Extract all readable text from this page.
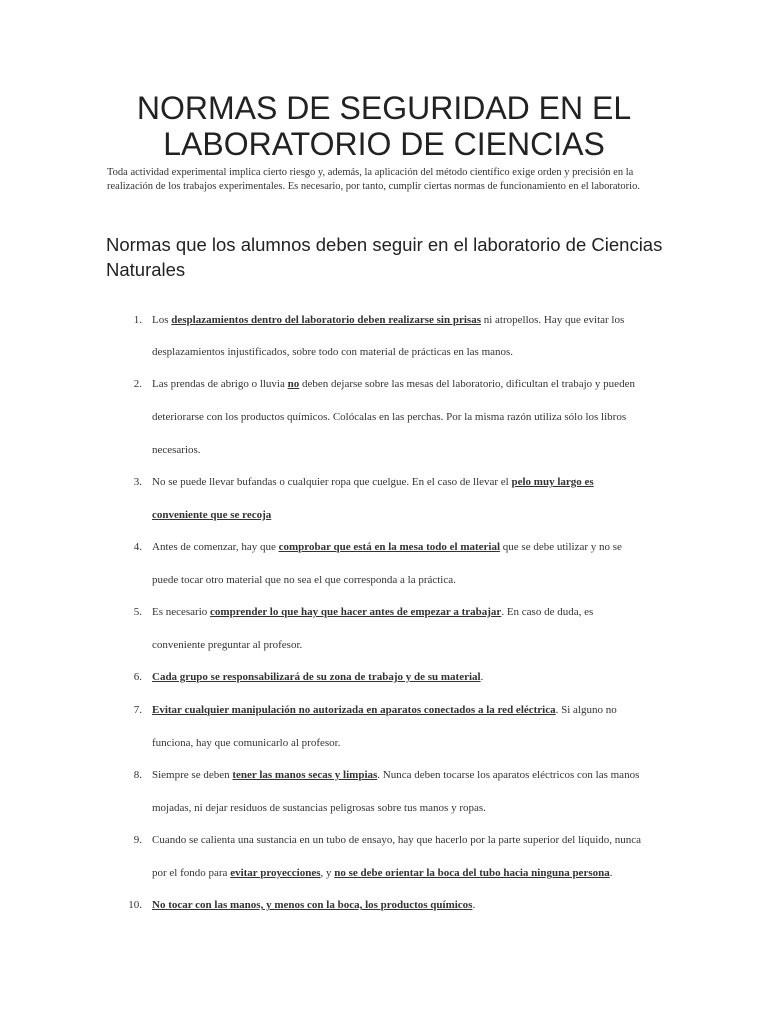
NORMAS DE SEGURIDAD EN EL
LABORATORIO DE CIENCIAS

Toda actividad experimental implica cierto riesgo y, además, la aplicación del método científico exige orden y precisión en la realización de los trabajos experimentales. Es necesario, por tanto, cumplir ciertas normas de funcionamiento en el laboratorio.

Normas que los alumnos deben seguir en el laboratorio de Ciencias Naturales
1. Los desplazamientos dentro del laboratorio deben realizarse sin prisas ni atropellos. Hay que evitar los
desplazamientos injustificados, sobre todo con material de prácticas en las manos.
2. Las prendas de abrigo o lluvia no deben dejarse sobre las mesas del laboratorio, dificultan el trabajo y pueden
deteriorarse con los productos químicos. Colócalas en las perchas. Por la misma razón utiliza sólo los libros
necesarios.
3. No se puede llevar bufandas o cualquier ropa que cuelgue. En el caso de llevar el pelo muy largo es
conveniente que se recoja
4. Antes de comenzar, hay que comprobar que está en la mesa todo el material que se debe utilizar y no se
puede tocar otro material que no sea el que corresponda a la práctica.
5. Es necesario comprender lo que hay que hacer antes de empezar a trabajar. En caso de duda, es
conveniente preguntar al profesor.
6. Cada grupo se responsabilizará de su zona de trabajo y de su material.
7. Evitar cualquier manipulación no autorizada en aparatos conectados a la red eléctrica. Si alguno no
funciona, hay que comunicarlo al profesor.
8. Siempre se deben tener las manos secas y limpias. Nunca deben tocarse los aparatos eléctricos con las manos
mojadas, ni dejar residuos de sustancias peligrosas sobre tus manos y ropas.
9. Cuando se calienta una sustancia en un tubo de ensayo, hay que hacerlo por la parte superior del líquido, nunca
por el fondo para evitar proyecciones, y no se debe orientar la boca del tubo hacia ninguna persona.
10. No tocar con las manos, y menos con la boca, los productos químicos.
